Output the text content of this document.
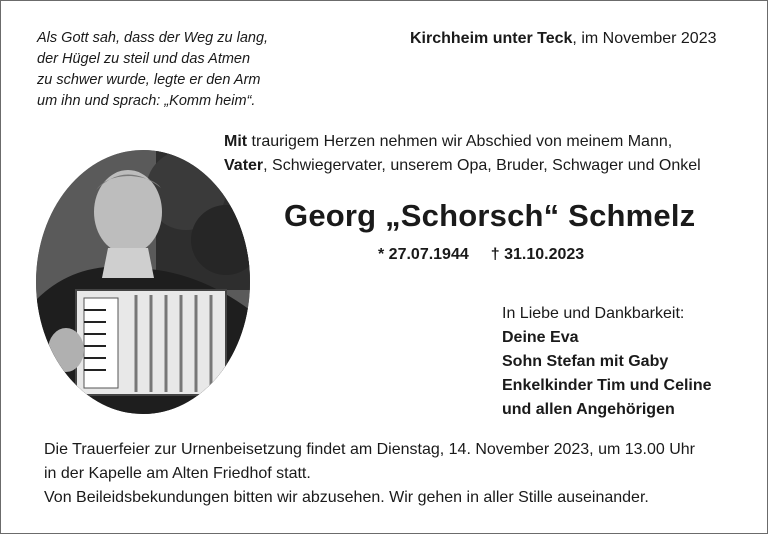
Als Gott sah, dass der Weg zu lang,
der Hügel zu steil und das Atmen
zu schwer wurde, legte er den Arm
um ihn und sprach: „Komm heim“.
Kirchheim unter Teck, im November 2023
Mit traurigem Herzen nehmen wir Abschied von meinem Mann,
Vater, Schwiegervater, unserem Opa, Bruder, Schwager und Onkel
Georg „Schorsch“ Schmelz
* 27.07.1944 † 31.10.2023
In Liebe und Dankbarkeit:
Deine Eva
Sohn Stefan mit Gaby
Enkelkinder Tim und Celine
und allen Angehörigen
Die Trauerfeier zur Urnenbeisetzung findet am Dienstag, 14. November 2023, um 13.00 Uhr
in der Kapelle am Alten Friedhof statt.
Von Beileidsbekundungen bitten wir abzusehen. Wir gehen in aller Stille auseinander.
